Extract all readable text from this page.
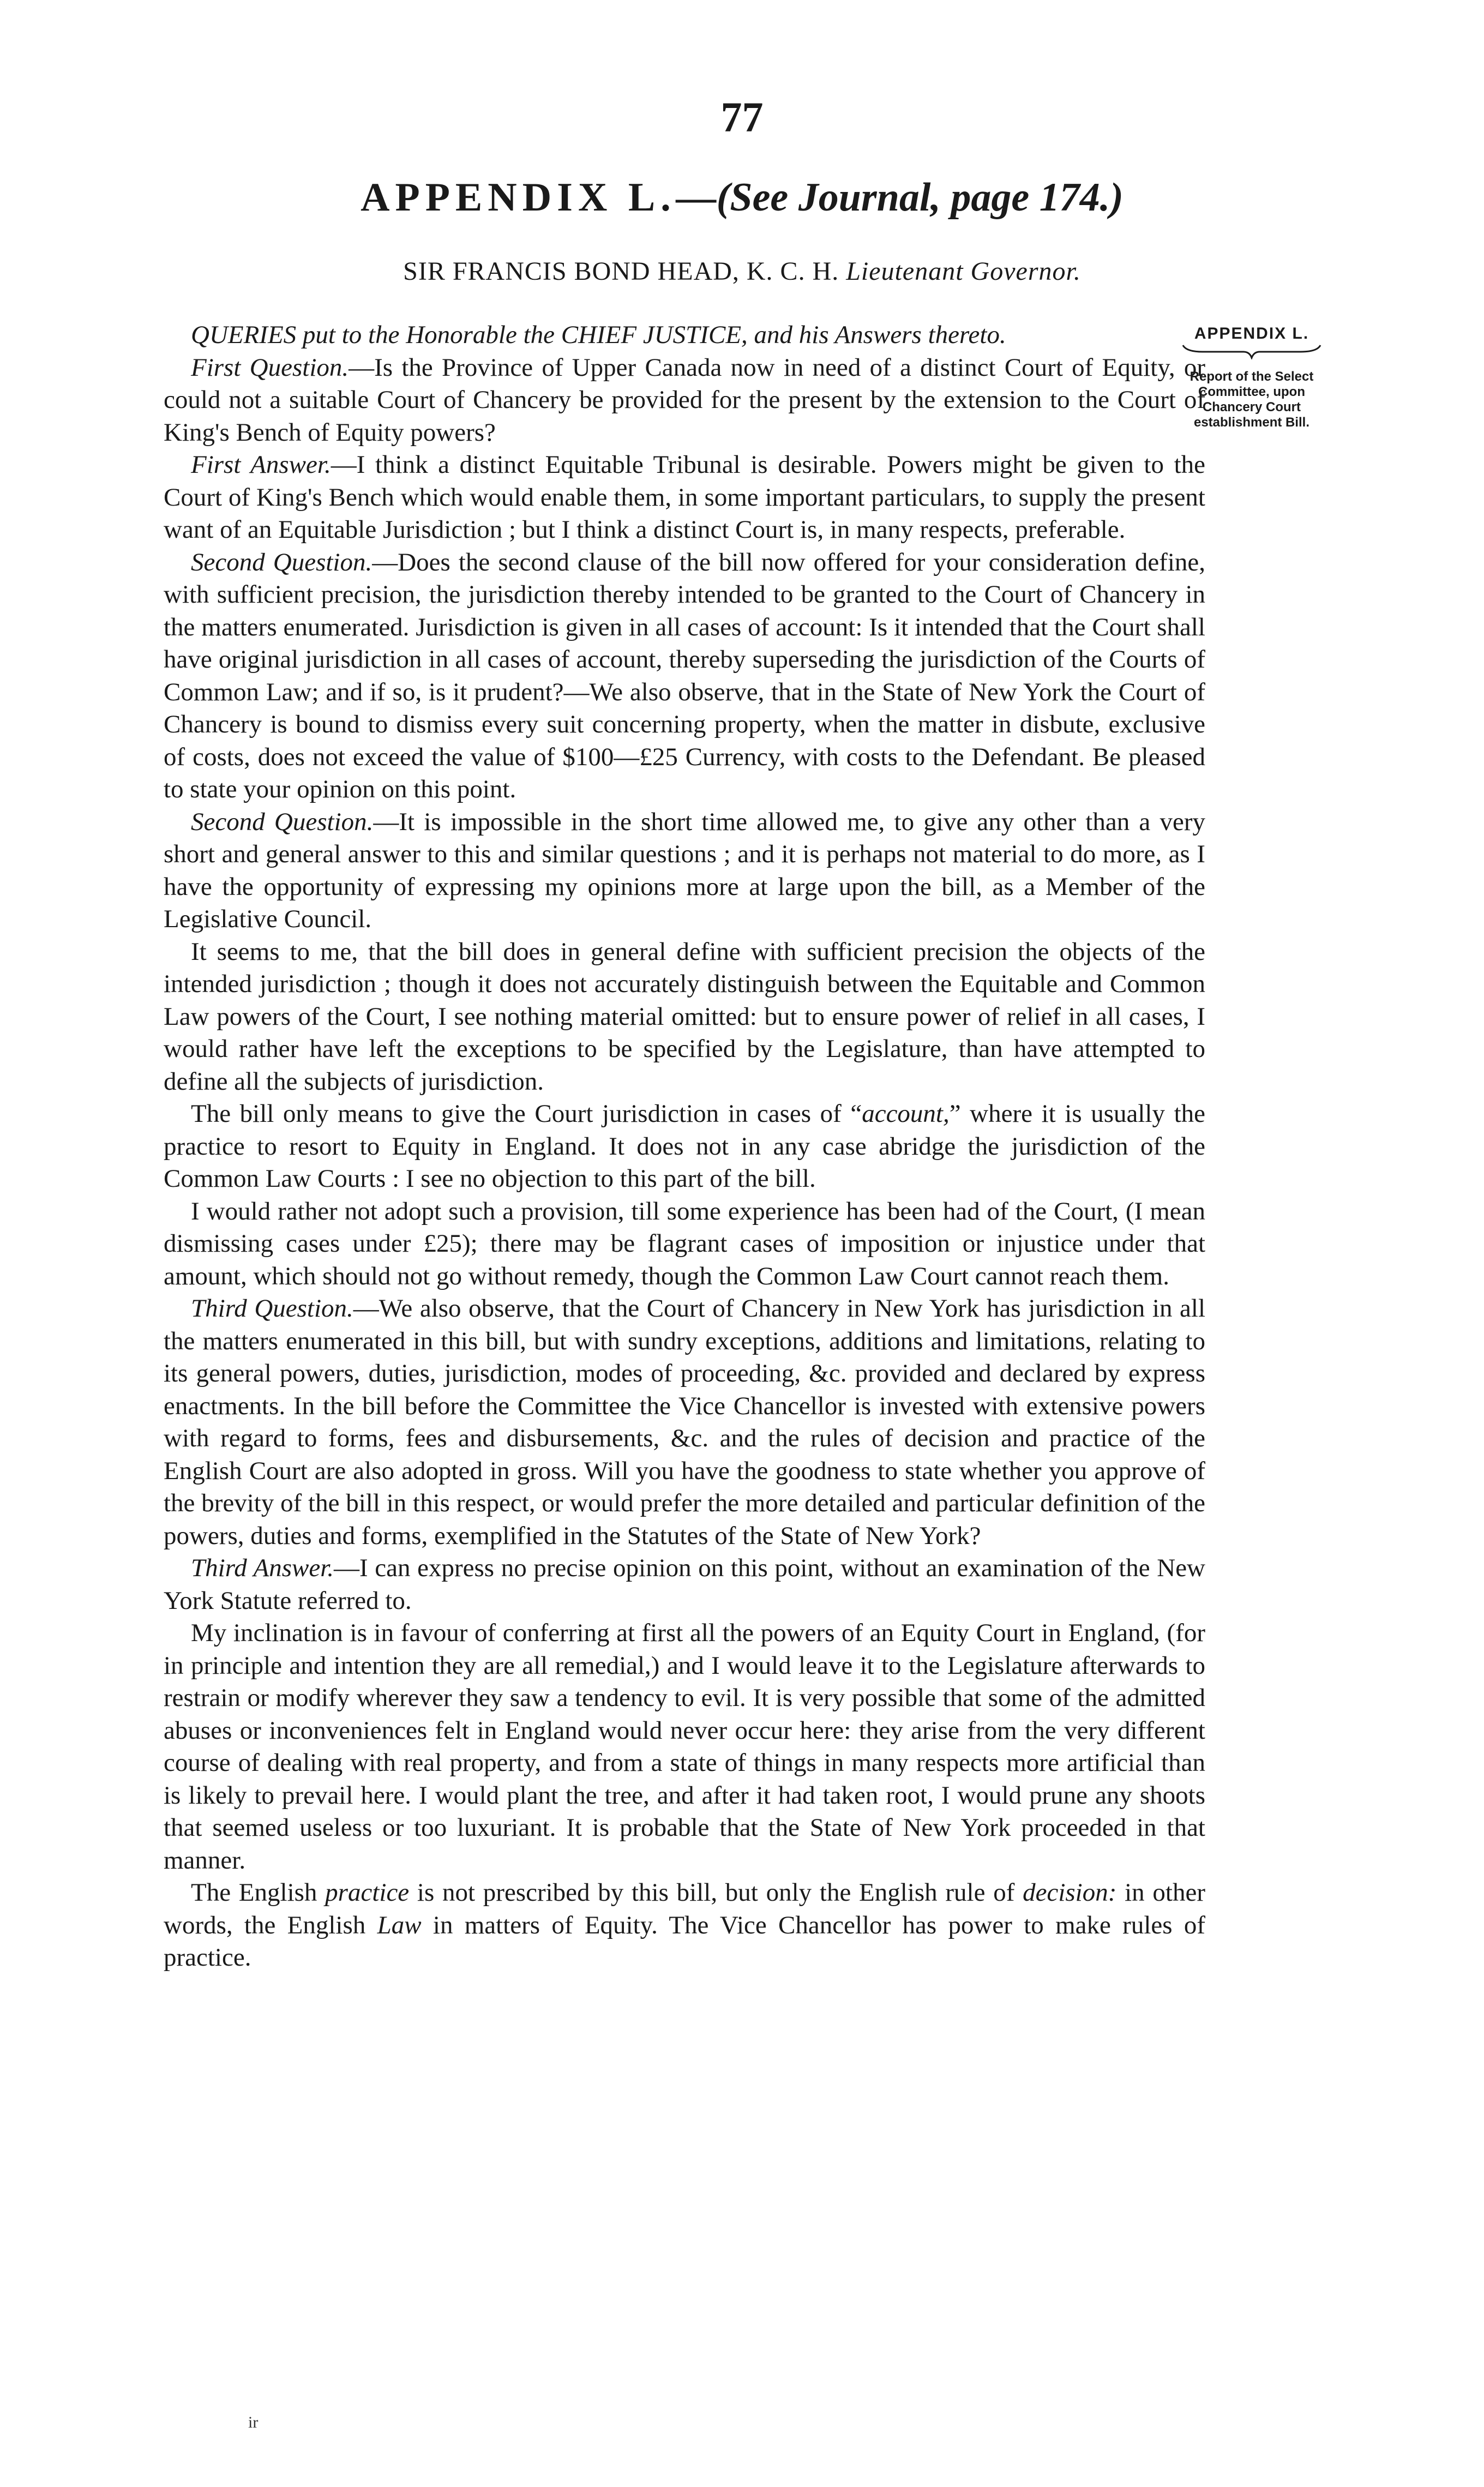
77
APPENDIX L.—(See Journal, page 174.)
SIR FRANCIS BOND HEAD, K. C. H. Lieutenant Governor.
APPENDIX L.
Report of the Select Committee, upon Chancery Court establishment Bill.

QUERIES put to the Honorable the CHIEF JUSTICE, and his Answers thereto.

First Question.—Is the Province of Upper Canada now in need of a distinct Court of Equity, or could not a suitable Court of Chancery be provided for the present by the extension to the Court of King's Bench of Equity powers?

First Answer.—I think a distinct Equitable Tribunal is desirable. Powers might be given to the Court of King's Bench which would enable them, in some important particulars, to supply the present want of an Equitable Jurisdiction ; but I think a distinct Court is, in many respects, preferable.

Second Question.—Does the second clause of the bill now offered for your consideration define, with sufficient precision, the jurisdiction thereby intended to be granted to the Court of Chancery in the matters enumerated. Jurisdiction is given in all cases of account: Is it intended that the Court shall have original jurisdiction in all cases of account, thereby superseding the jurisdiction of the Courts of Common Law; and if so, is it prudent?—We also observe, that in the State of New York the Court of Chancery is bound to dismiss every suit concerning property, when the matter in disbute, exclusive of costs, does not exceed the value of $100—£25 Currency, with costs to the Defendant. Be pleased to state your opinion on this point.

Second Question.—It is impossible in the short time allowed me, to give any other than a very short and general answer to this and similar questions ; and it is perhaps not material to do more, as I have the opportunity of expressing my opinions more at large upon the bill, as a Member of the Legislative Council.

It seems to me, that the bill does in general define with sufficient precision the objects of the intended jurisdiction ; though it does not accurately distinguish between the Equitable and Common Law powers of the Court, I see nothing material omitted: but to ensure power of relief in all cases, I would rather have left the exceptions to be specified by the Legislature, than have attempted to define all the subjects of jurisdiction.

The bill only means to give the Court jurisdiction in cases of “account,” where it is usually the practice to resort to Equity in England. It does not in any case abridge the jurisdiction of the Common Law Courts : I see no objection to this part of the bill.

I would rather not adopt such a provision, till some experience has been had of the Court, (I mean dismissing cases under £25); there may be flagrant cases of imposition or injustice under that amount, which should not go without remedy, though the Common Law Court cannot reach them.

Third Question.—We also observe, that the Court of Chancery in New York has jurisdiction in all the matters enumerated in this bill, but with sundry exceptions, additions and limitations, relating to its general powers, duties, jurisdiction, modes of proceeding, &c. provided and declared by express enactments. In the bill before the Committee the Vice Chancellor is invested with extensive powers with regard to forms, fees and disbursements, &c. and the rules of decision and practice of the English Court are also adopted in gross. Will you have the goodness to state whether you approve of the brevity of the bill in this respect, or would prefer the more detailed and particular definition of the powers, duties and forms, exemplified in the Statutes of the State of New York?

Third Answer.—I can express no precise opinion on this point, without an examination of the New York Statute referred to.

My inclination is in favour of conferring at first all the powers of an Equity Court in England, (for in principle and intention they are all remedial,) and I would leave it to the Legislature afterwards to restrain or modify wherever they saw a tendency to evil. It is very possible that some of the admitted abuses or inconveniences felt in England would never occur here: they arise from the very different course of dealing with real property, and from a state of things in many respects more artificial than is likely to prevail here. I would plant the tree, and after it had taken root, I would prune any shoots that seemed useless or too luxuriant. It is probable that the State of New York proceeded in that manner.

The English practice is not prescribed by this bill, but only the English rule of decision: in other words, the English Law in matters of Equity. The Vice Chancellor has power to make rules of practice.

ir
